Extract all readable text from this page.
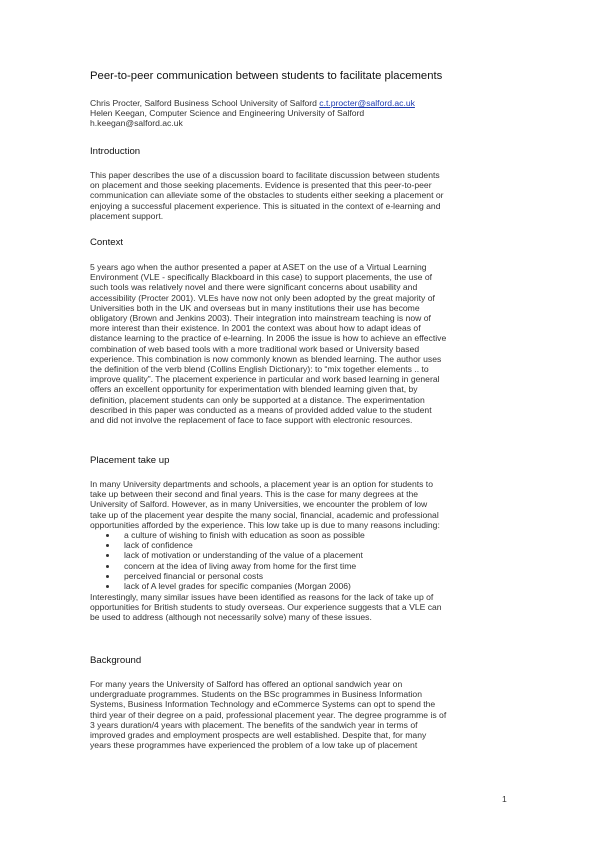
Peer-to-peer communication between students to facilitate placements
Chris Procter, Salford Business School University of Salford c.t.procter@salford.ac.uk
Helen Keegan, Computer Science and Engineering University of Salford
h.keegan@salford.ac.uk
Introduction
This paper describes the use of a discussion board to facilitate discussion between students
on placement and those seeking placements. Evidence is presented that this peer-to-peer
communication can alleviate some of the obstacles to students either seeking a placement or
enjoying a successful placement experience. This is situated in the context of e-learning and
placement support.
Context
5 years ago when the author presented a paper at ASET on the use of a Virtual Learning
Environment (VLE - specifically Blackboard in this case) to support placements, the use of
such tools was relatively novel and there were significant concerns about usability and
accessibility (Procter 2001). VLEs have now not only been adopted by the great majority of
Universities both in the UK and overseas but in many institutions their use has become
obligatory (Brown and Jenkins 2003). Their integration into mainstream teaching is now of
more interest than their existence. In 2001 the context was about how to adapt ideas of
distance learning to the practice of e-learning. In 2006 the issue is how to achieve an effective
combination of web based tools with a more traditional work based or University based
experience. This combination is now commonly known as blended learning. The author uses
the definition of the verb blend (Collins English Dictionary): to “mix together elements .. to
improve quality”. The placement experience in particular and work based learning in general
offers an excellent opportunity for experimentation with blended learning given that, by
definition, placement students can only be supported at a distance. The experimentation
described in this paper was conducted as a means of provided added value to the student
and did not involve the replacement of face to face support with electronic resources.
Placement take up
In many University departments and schools, a placement year is an option for students to
take up between their second and final years. This is the case for many degrees at the
University of Salford. However, as in many Universities, we encounter the problem of low
take up of the placement year despite the many social, financial, academic and professional
opportunities afforded by the experience. This low take up is due to many reasons including:
a culture of wishing to finish with education as soon as possible
lack of confidence
lack of motivation or understanding of the value of a placement
concern at the idea of living away from home for the first time
perceived financial or personal costs
lack of A level grades for specific companies (Morgan 2006)
Interestingly, many similar issues have been identified as reasons for the lack of take up of
opportunities for British students to study overseas. Our experience suggests that a VLE can
be used to address (although not necessarily solve) many of these issues.
Background
For many years the University of Salford has offered an optional sandwich year on
undergraduate programmes. Students on the BSc programmes in Business Information
Systems, Business Information Technology and eCommerce Systems can opt to spend the
third year of their degree on a paid, professional placement year. The degree programme is of
3 years duration/4 years with placement. The benefits of the sandwich year in terms of
improved grades and employment prospects are well established. Despite that, for many
years these programmes have experienced the problem of a low take up of placement
1
